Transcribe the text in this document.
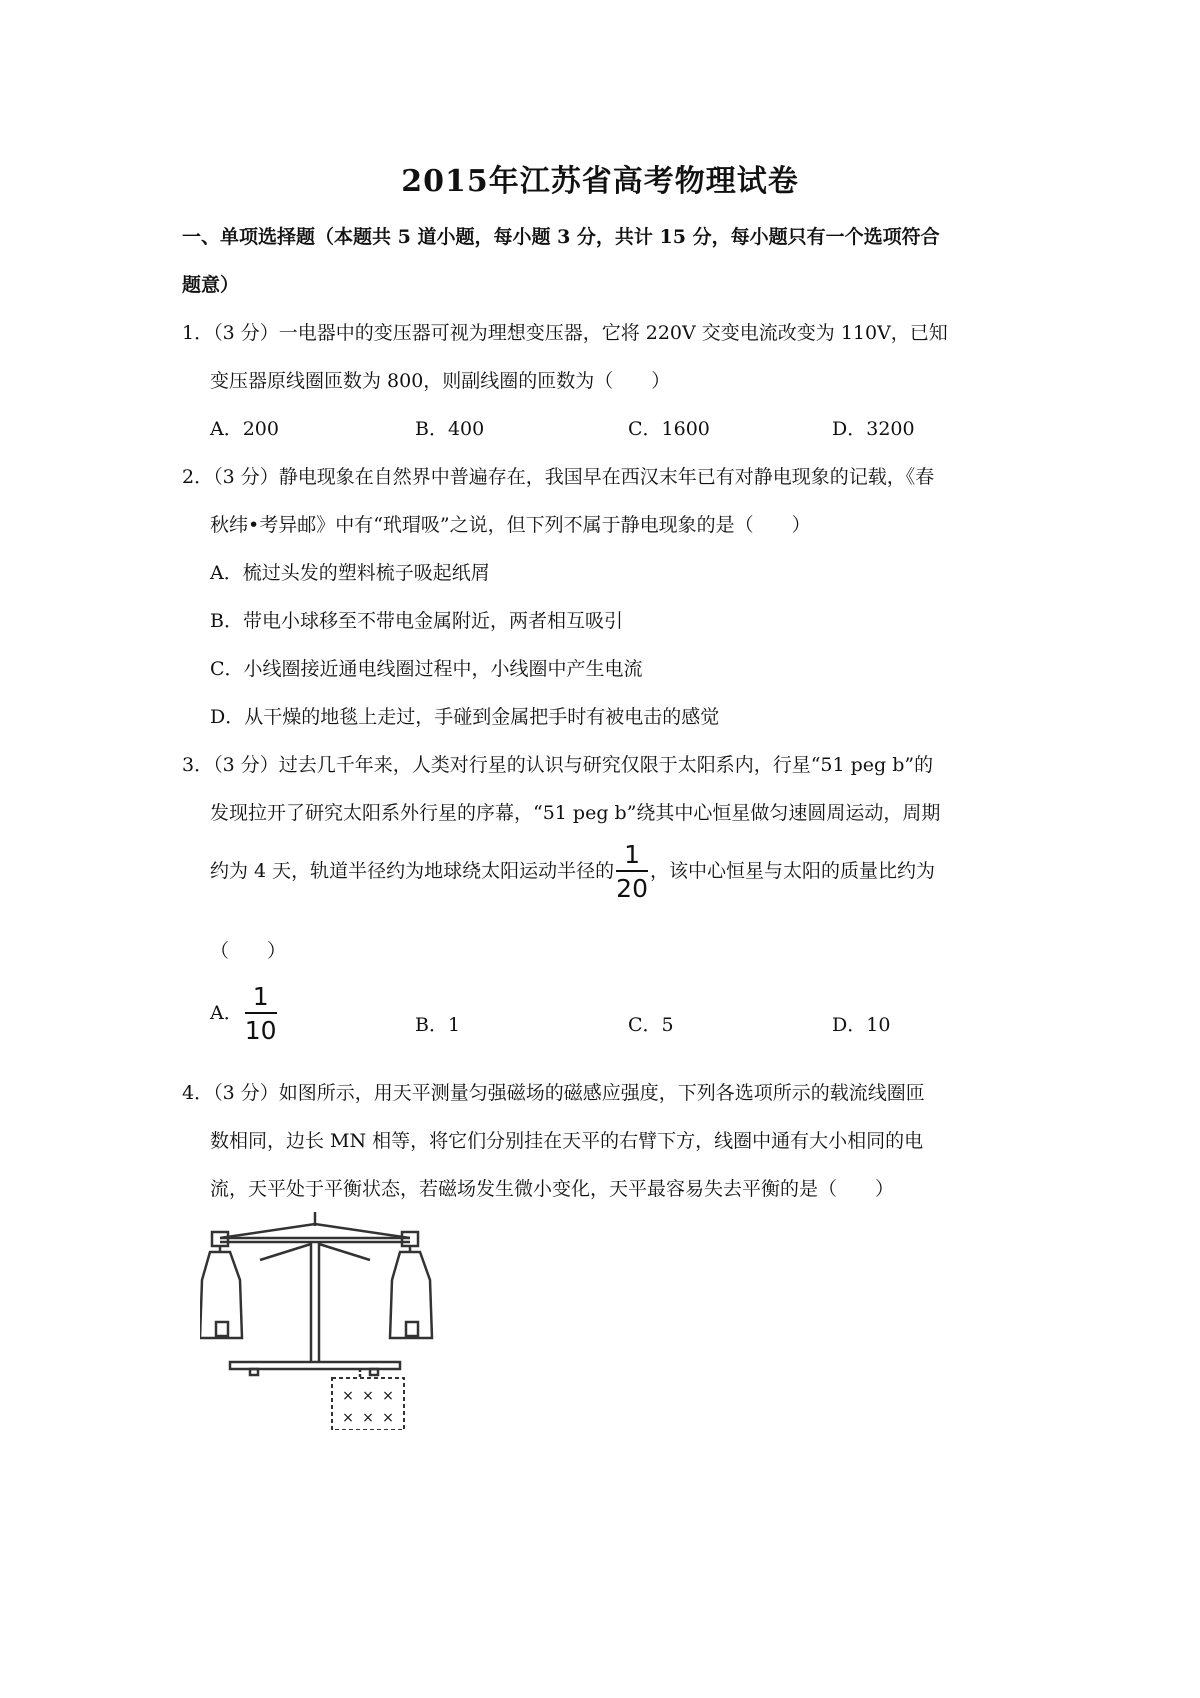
2015年江苏省高考物理试卷
一、单项选择题（本题共 5 道小题，每小题 3 分，共计 15 分，每小题只有一个选项符合
题意）
1．（3 分）一电器中的变压器可视为理想变压器，它将 220V 交变电流改变为 110V，已知
变压器原线圈匝数为 800，则副线圈的匝数为（　　）
A．200	B．400	C．1600	D．3200
2．（3 分）静电现象在自然界中普遍存在，我国早在西汉末年已有对静电现象的记载，《春
秋纬•考异邮》中有“玳瑁吸”之说，但下列不属于静电现象的是（　　）
A．梳过头发的塑料梳子吸起纸屑
B．带电小球移至不带电金属附近，两者相互吸引
C．小线圈接近通电线圈过程中，小线圈中产生电流
D．从干燥的地毯上走过，手碰到金属把手时有被电击的感觉
3．（3 分）过去几千年来，人类对行星的认识与研究仅限于太阳系内，行星“51 peg b”的
发现拉开了研究太阳系外行星的序幕，“51 peg b”绕其中心恒星做匀速圆周运动，周期
约为 4 天，轨道半径约为地球绕太阳运动半径的 $\frac{1}{20}$ ，该中心恒星与太阳的质量比约为
（　　）
A． $\frac{1}{10}$	B．1	C．5	D．10
4．（3 分）如图所示，用天平测量匀强磁场的磁感应强度，下列各选项所示的载流线圈匝
数相同，边长 MN 相等，将它们分别挂在天平的右臂下方，线圈中通有大小相同的电
流，天平处于平衡状态，若磁场发生微小变化，天平最容易失去平衡的是（　　）
× × ×
× × ×
